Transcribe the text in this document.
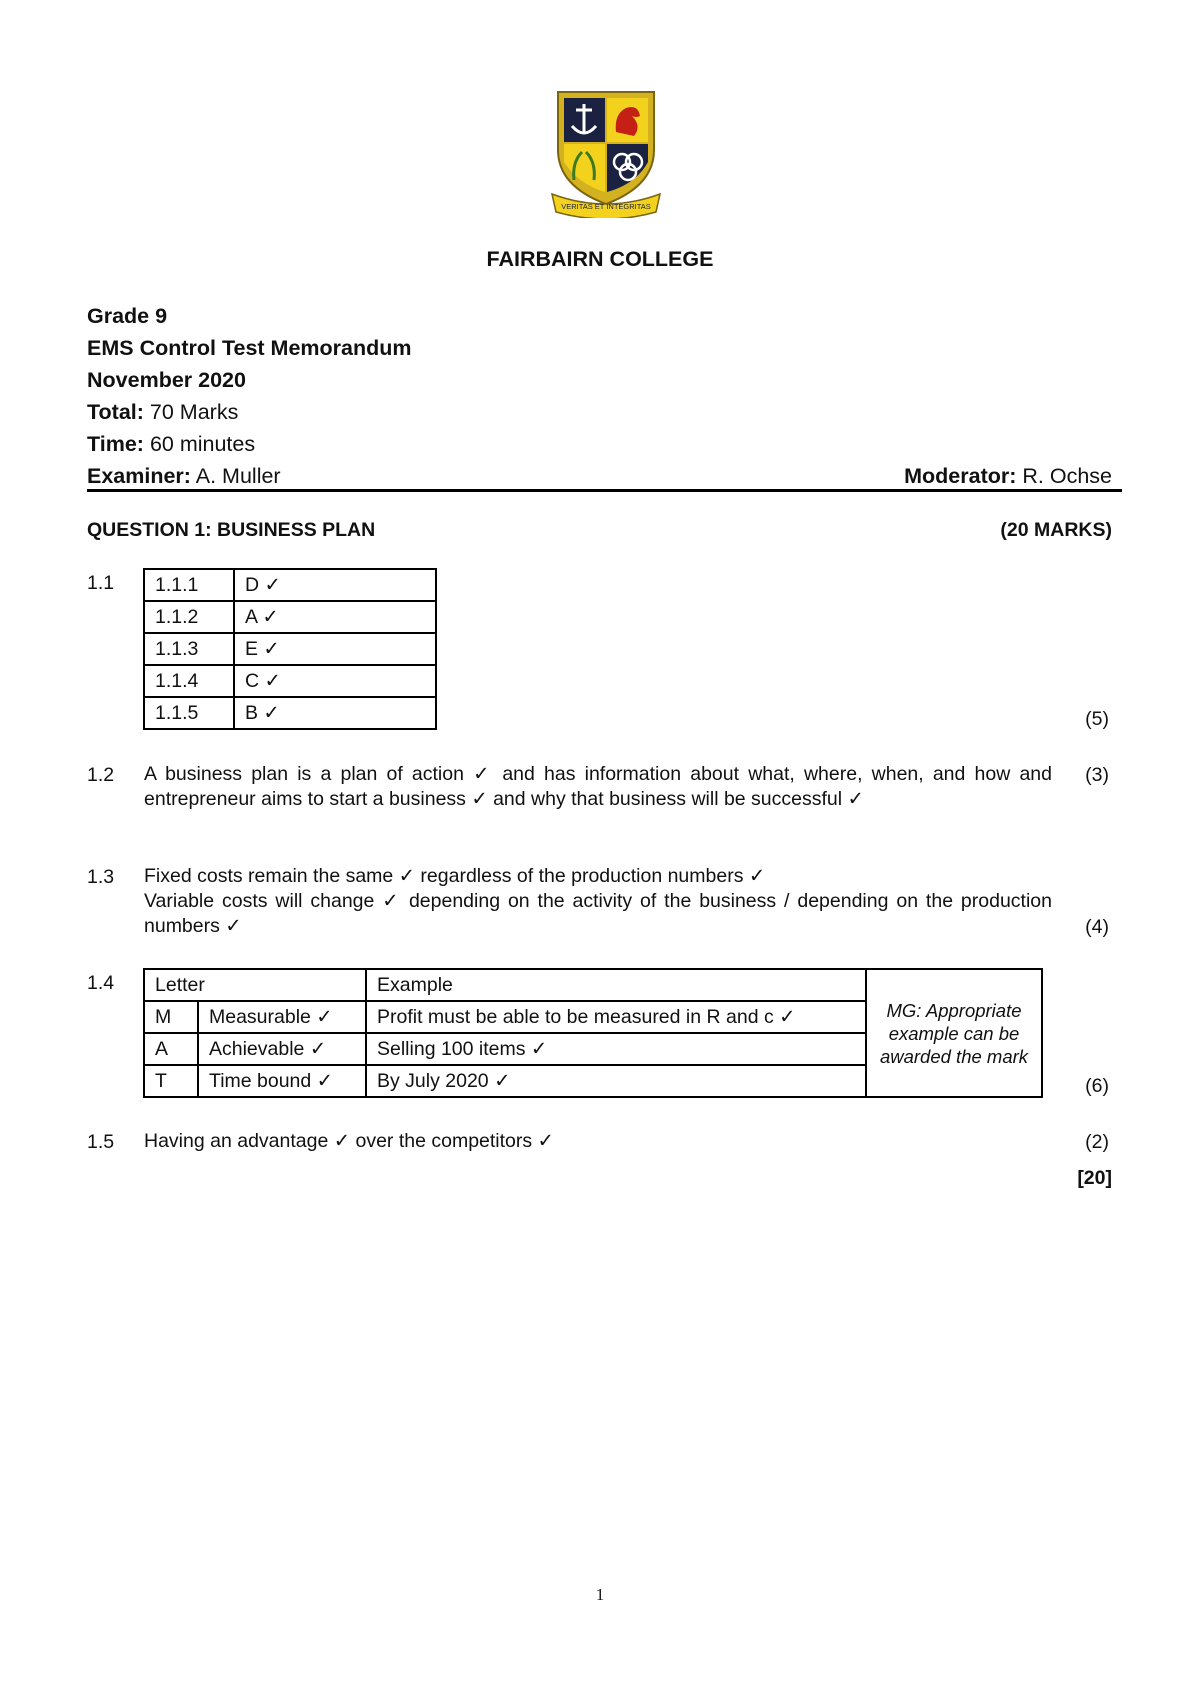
VERITAS ET INTEGRITAS
FAIRBAIRN COLLEGE
Grade 9
EMS Control Test Memorandum
November 2020
Total: 70 Marks
Time: 60 minutes
Examiner: A. Muller	Moderator: R. Ochse
QUESTION 1: BUSINESS PLAN	(20 MARKS)
1.1 1.1.1	D ✓
1.1.2	A ✓
1.1.3	E ✓
1.1.4	C ✓
1.1.5	B ✓	(5)
1.2 A business plan is a plan of action ✓ and has information about what, where, when, and how and entrepreneur aims to start a business ✓ and why that business will be successful ✓
(3)
1.3 Fixed costs remain the same ✓ regardless of the production numbers ✓
Variable costs will change ✓ depending on the activity of the business / depending on the production numbers ✓	(4)
1.4 Letter		Example	MG: Appropriate example can be awarded the mark
M	Measurable ✓	Profit must be able to be measured in R and c ✓	
A	Achievable ✓	Selling 100 items ✓	
T	Time bound ✓	By July 2020 ✓		(6)
1.5 Having an advantage ✓ over the competitors ✓	(2)
[20]
1
